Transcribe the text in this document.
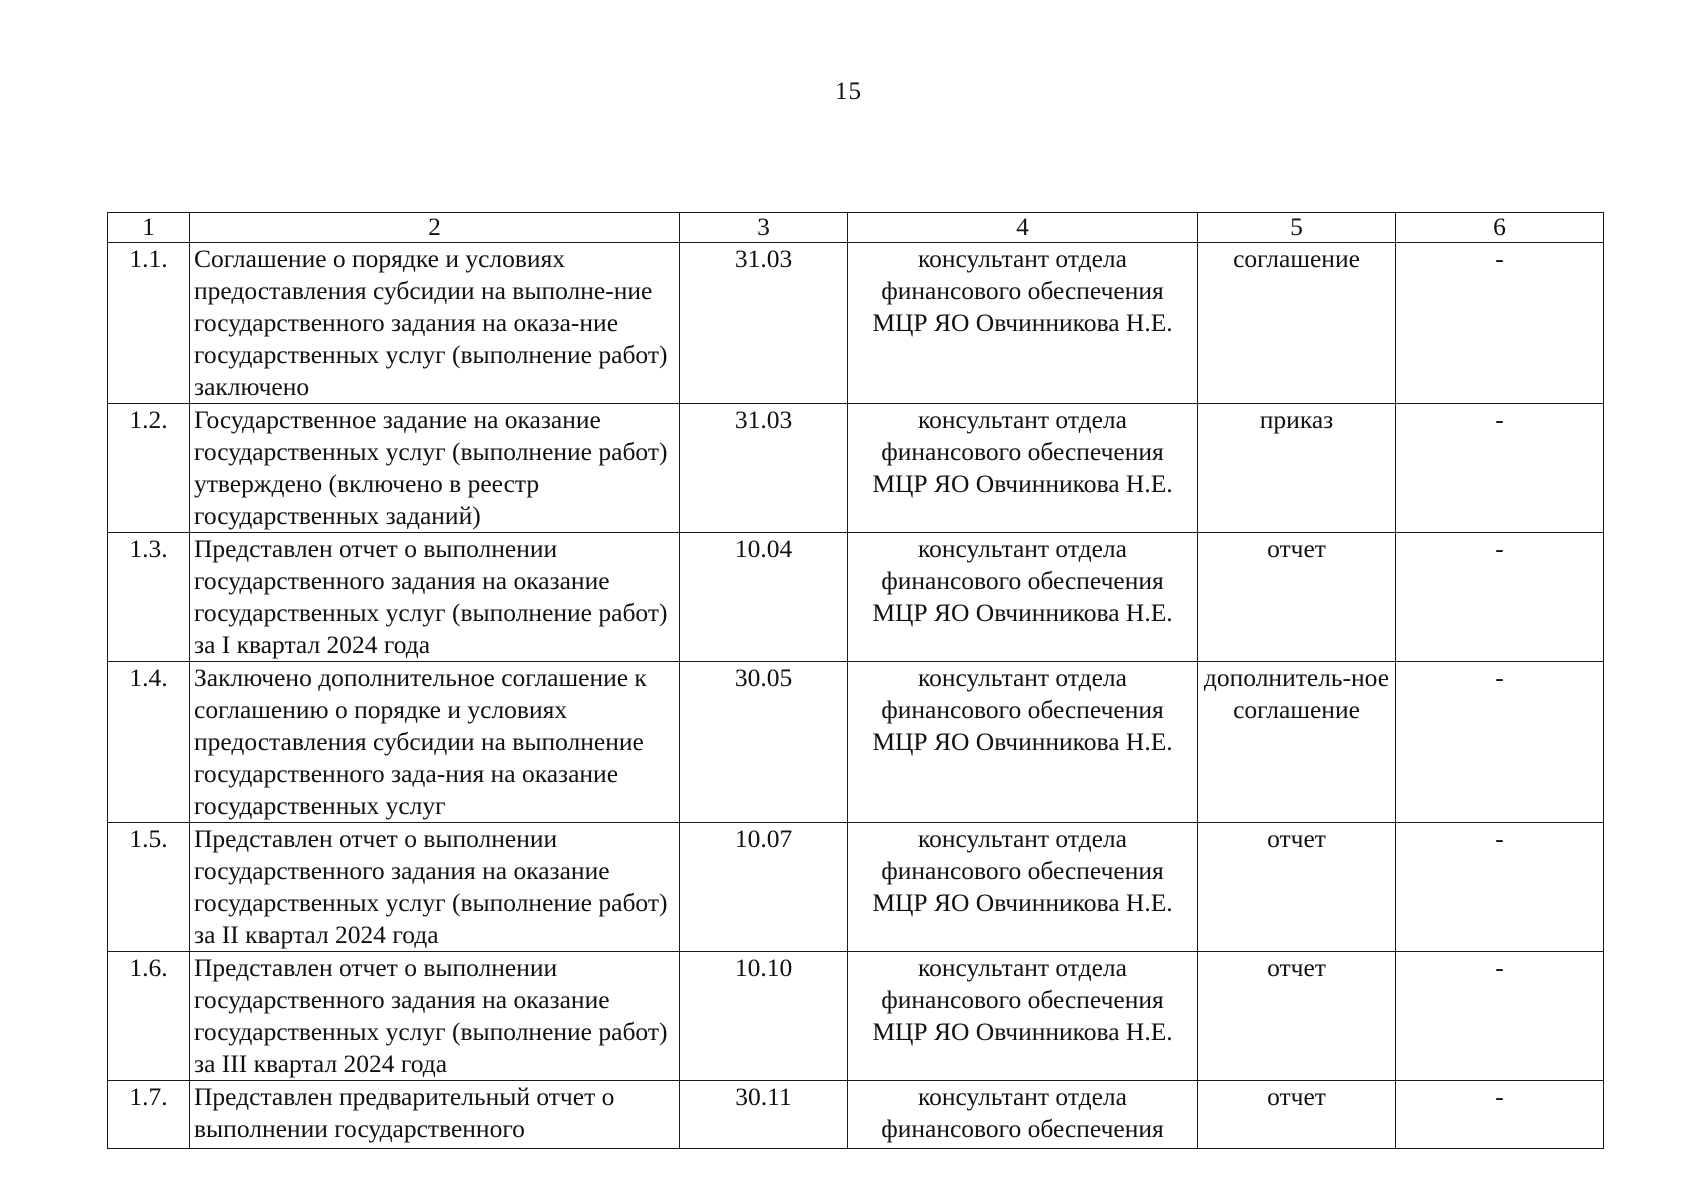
15
1	2	3	4	5	6
1.1.	Соглашение о порядке и условиях предоставления субсидии на выполне-ние государственного задания на оказа-ние государственных услуг (выполнение работ) заключено	31.03	консультант отдела финансового обеспечения МЦР ЯО Овчинникова Н.Е.	соглашение	-
1.2.	Государственное задание на оказание государственных услуг (выполнение работ) утверждено (включено в реестр государственных заданий)	31.03	консультант отдела финансового обеспечения МЦР ЯО Овчинникова Н.Е.	приказ	-
1.3.	Представлен отчет о выполнении государственного задания на оказание государственных услуг (выполнение работ) за I квартал 2024 года	10.04	консультант отдела финансового обеспечения МЦР ЯО Овчинникова Н.Е.	отчет	-
1.4.	Заключено дополнительное соглашение к соглашению о порядке и условиях предоставления субсидии на выполнение государственного зада-ния на оказание государственных услуг	30.05	консультант отдела финансового обеспечения МЦР ЯО Овчинникова Н.Е.	дополнитель-ное соглашение	-
1.5.	Представлен отчет о выполнении государственного задания на оказание государственных услуг (выполнение работ) за II квартал 2024 года	10.07	консультант отдела финансового обеспечения МЦР ЯО Овчинникова Н.Е.	отчет	-
1.6.	Представлен отчет о выполнении государственного задания на оказание государственных услуг (выполнение работ) за III квартал 2024 года	10.10	консультант отдела финансового обеспечения МЦР ЯО Овчинникова Н.Е.	отчет	-
1.7.	Представлен предварительный отчет о выполнении государственного	30.11	консультант отдела финансового обеспечения	отчет	-
